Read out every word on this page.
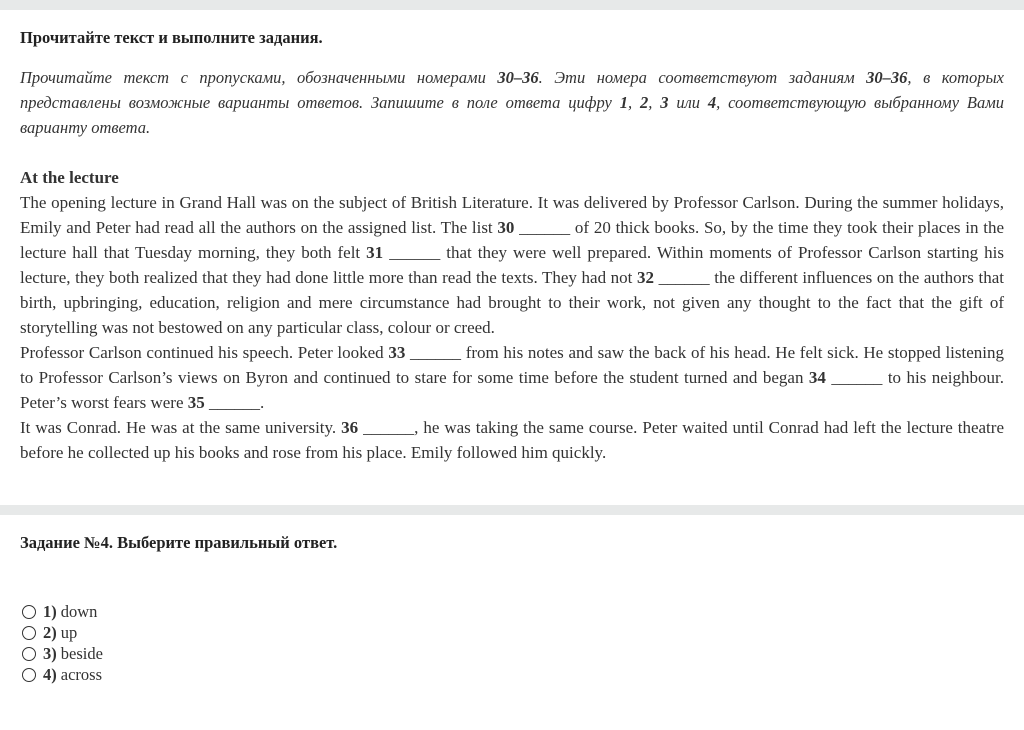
Прочитайте текст и выполните задания.

Прочитайте текст с пропусками, обозначенными номерами 30–36. Эти номера соответствуют заданиям 30–36, в которых представлены возможные варианты ответов. Запишите в поле ответа цифру 1, 2, 3 или 4, соответствующую выбранному Вами варианту ответа.

At the lecture

The opening lecture in Grand Hall was on the subject of British Literature. It was delivered by Professor Carlson. During the summer holidays, Emily and Peter had read all the authors on the assigned list. The list 30 ______ of 20 thick books. So, by the time they took their places in the lecture hall that Tuesday morning, they both felt 31 ______ that they were well prepared. Within moments of Professor Carlson starting his lecture, they both realized that they had done little more than read the texts. They had not 32 ______ the different influences on the authors that birth, upbringing, education, religion and mere circumstance had brought to their work, not given any thought to the fact that the gift of storytelling was not bestowed on any particular class, colour or creed.

Professor Carlson continued his speech. Peter looked 33 ______ from his notes and saw the back of his head. He felt sick. He stopped listening to Professor Carlson’s views on Byron and continued to stare for some time before the student turned and began 34 ______ to his neighbour. Peter’s worst fears were 35 ______.

It was Conrad. He was at the same university. 36 ______, he was taking the same course. Peter waited until Conrad had left the lecture theatre before he collected up his books and rose from his place. Emily followed him quickly.

Задание №4. Выберите правильный ответ.

1) down
2) up
3) beside
4) across
